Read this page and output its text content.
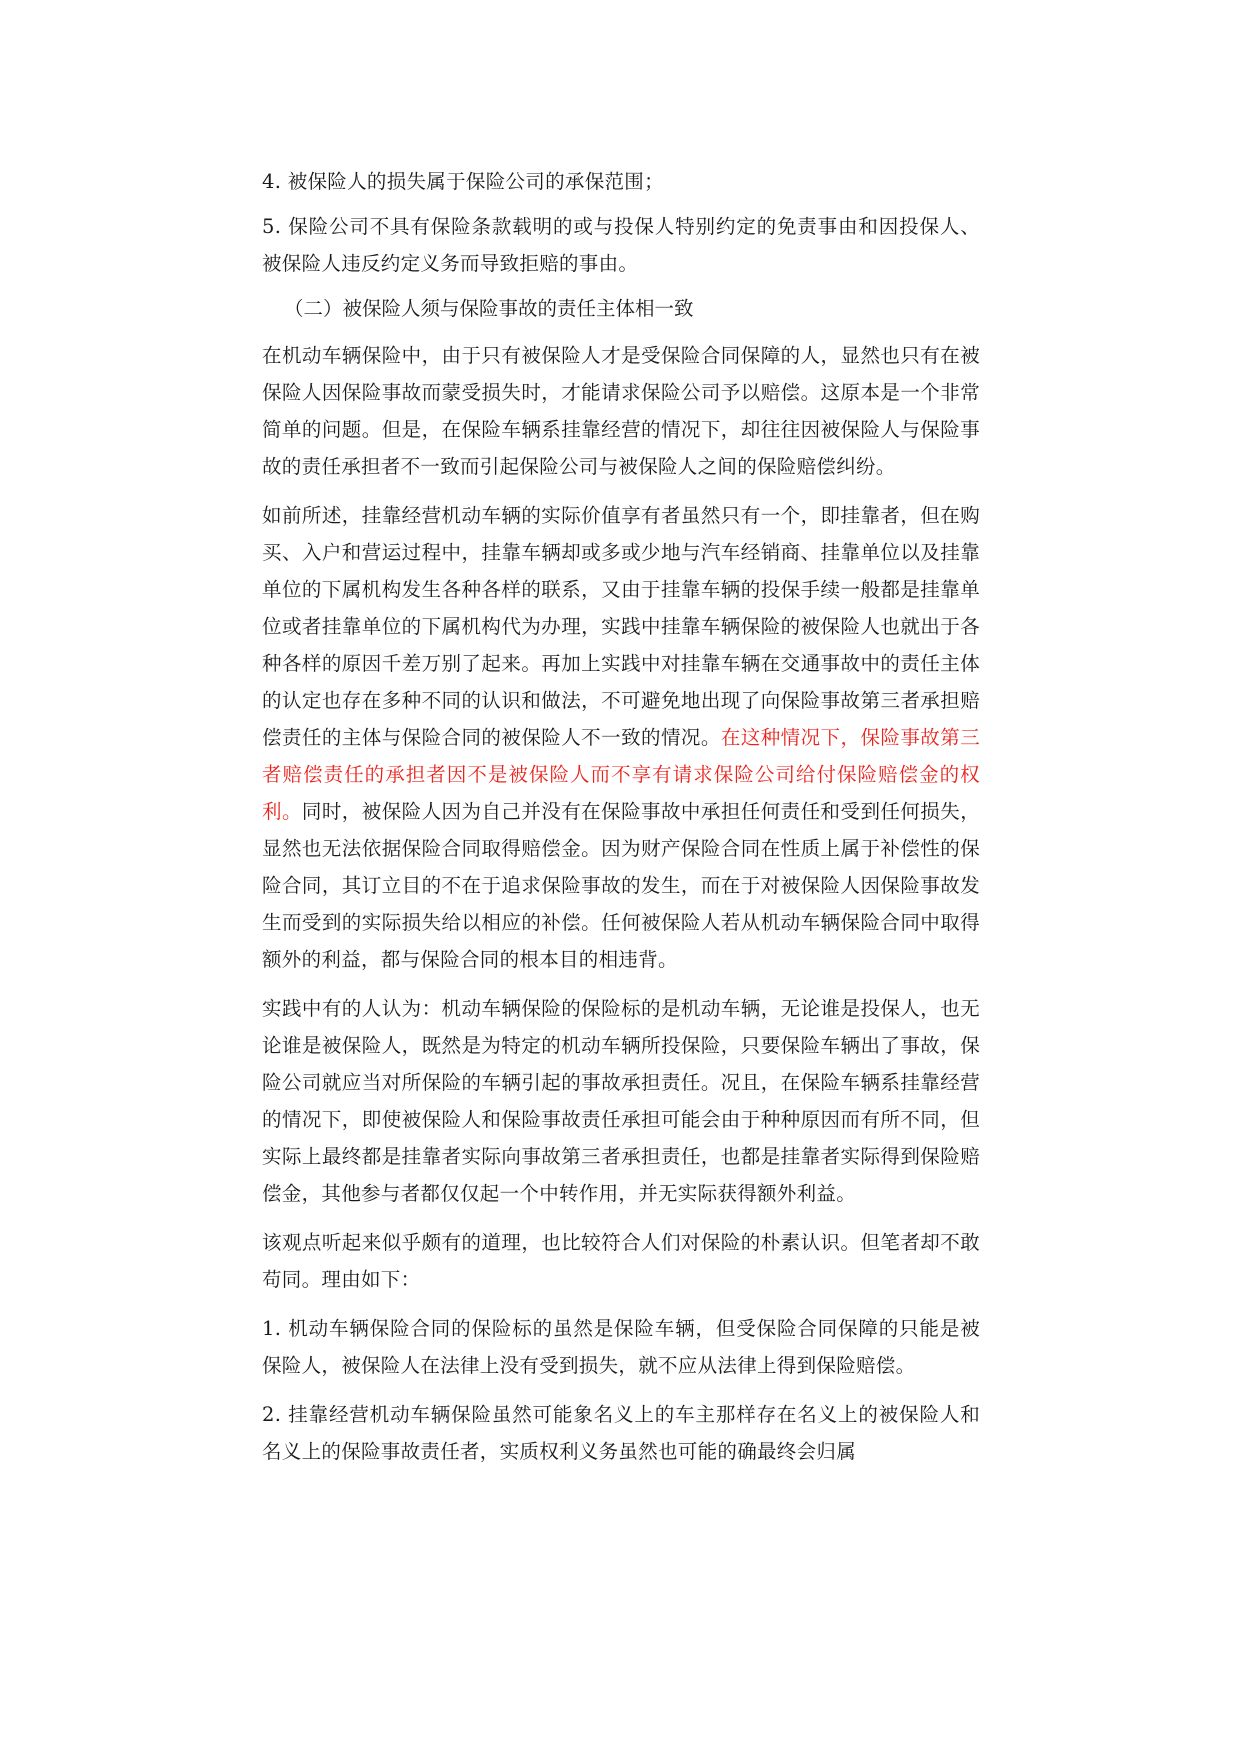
4. 被保险人的损失属于保险公司的承保范围；

5. 保险公司不具有保险条款载明的或与投保人特别约定的免责事由和因投保人、被保险人违反约定义务而导致拒赔的事由。

（二）被保险人须与保险事故的责任主体相一致

在机动车辆保险中，由于只有被保险人才是受保险合同保障的人，显然也只有在被保险人因保险事故而蒙受损失时，才能请求保险公司予以赔偿。这原本是一个非常简单的问题。但是，在保险车辆系挂靠经营的情况下，却往往因被保险人与保险事故的责任承担者不一致而引起保险公司与被保险人之间的保险赔偿纠纷。

如前所述，挂靠经营机动车辆的实际价值享有者虽然只有一个，即挂靠者，但在购买、入户和营运过程中，挂靠车辆却或多或少地与汽车经销商、挂靠单位以及挂靠单位的下属机构发生各种各样的联系，又由于挂靠车辆的投保手续一般都是挂靠单位或者挂靠单位的下属机构代为办理，实践中挂靠车辆保险的被保险人也就出于各种各样的原因千差万别了起来。再加上实践中对挂靠车辆在交通事故中的责任主体的认定也存在多种不同的认识和做法，不可避免地出现了向保险事故第三者承担赔偿责任的主体与保险合同的被保险人不一致的情况。在这种情况下，保险事故第三者赔偿责任的承担者因不是被保险人而不享有请求保险公司给付保险赔偿金的权利。同时，被保险人因为自己并没有在保险事故中承担任何责任和受到任何损失，显然也无法依据保险合同取得赔偿金。因为财产保险合同在性质上属于补偿性的保险合同，其订立目的不在于追求保险事故的发生，而在于对被保险人因保险事故发生而受到的实际损失给以相应的补偿。任何被保险人若从机动车辆保险合同中取得额外的利益，都与保险合同的根本目的相违背。

实践中有的人认为：机动车辆保险的保险标的是机动车辆，无论谁是投保人，也无论谁是被保险人，既然是为特定的机动车辆所投保险，只要保险车辆出了事故，保险公司就应当对所保险的车辆引起的事故承担责任。况且，在保险车辆系挂靠经营的情况下，即使被保险人和保险事故责任承担可能会由于种种原因而有所不同，但实际上最终都是挂靠者实际向事故第三者承担责任，也都是挂靠者实际得到保险赔偿金，其他参与者都仅仅起一个中转作用，并无实际获得额外利益。

该观点听起来似乎颇有的道理，也比较符合人们对保险的朴素认识。但笔者却不敢苟同。理由如下：

1. 机动车辆保险合同的保险标的虽然是保险车辆，但受保险合同保障的只能是被保险人，被保险人在法律上没有受到损失，就不应从法律上得到保险赔偿。

2. 挂靠经营机动车辆保险虽然可能象名义上的车主那样存在名义上的被保险人和名义上的保险事故责任者，实质权利义务虽然也可能的确最终会归属
